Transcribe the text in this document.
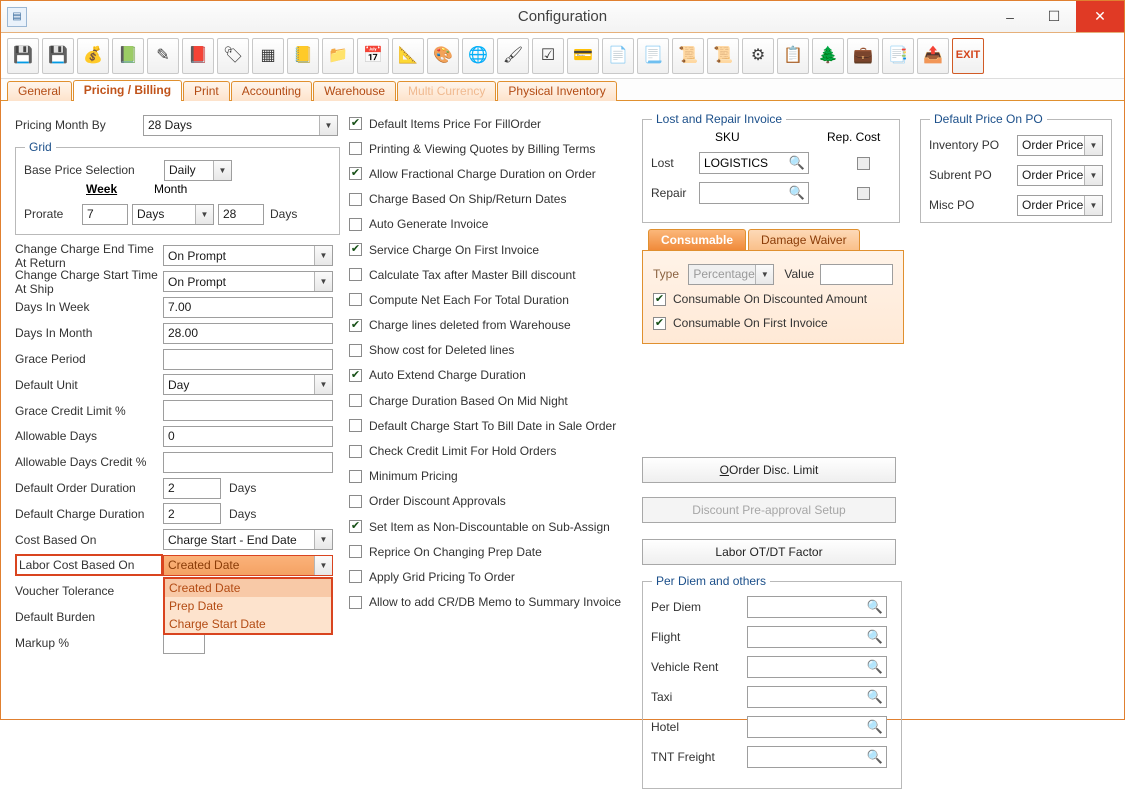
▤	Configuration	–	☐	✕
💾 💾 💰 📗 ✎ 📕 🏷 ▦ 📒 📁 📅 📐 🎨 🌐 🖌 ☑ 💳 📄 📃 📜 📜 ⚙ 📋 🌲 💼 📑 📤 EXIT
General	Pricing / Billing	Print	Accounting	Warehouse	Multi Currency	Physical Inventory
Pricing Month By	28 Days	▼
Grid
Base Price Selection	Daily	▼
Week	Month
Prorate	7	Days	▼	28	Days
Change Charge End Time At Return
On Prompt	▼
Change Charge Start Time At Ship
On Prompt	▼
Days In Week	7.00
Days In Month	28.00
Grace Period
Default Unit	Day	▼
Grace Credit Limit %
Allowable Days	0
Allowable Days Credit %
Default Order Duration	2	Days
Default Charge Duration	2	Days
Cost Based On	Charge Start - End Date	▼
Labor Cost Based On	Created Date	▼
Created Date
Prep Date
Charge Start Date
Voucher Tolerance
Default Burden
Markup %
✔
Default Items Price For FillOrder
Printing & Viewing Quotes by Billing Terms
✔
Allow Fractional Charge Duration on Order
Charge Based On Ship/Return Dates
Auto Generate Invoice
✔
Service Charge On First Invoice
Calculate Tax after Master Bill discount
Compute Net Each For Total Duration
✔
Charge lines deleted from Warehouse
Show cost for Deleted lines
✔
Auto Extend Charge Duration
Charge Duration Based On Mid Night
Default Charge Start To Bill Date in Sale Order
Check Credit Limit For Hold Orders
Minimum Pricing
Order Discount Approvals
✔
Set Item as Non-Discountable on Sub-Assign
Reprice On Changing Prep Date
Apply Grid Pricing To Order
Allow to add CR/DB Memo to Summary Invoice
Lost and Repair Invoice
SKU	Rep. Cost
Lost	LOGISTICS 🔍
Repair	🔍
Default Price On PO
Inventory PO	Order Price ▼
Subrent PO	Order Price ▼
Misc PO	Order Price ▼
Consumable	Damage Waiver
Type	Percentage ▼	Value
✔
Consumable On Discounted Amount
✔
Consumable On First Invoice
OOrder Disc. Limit
Discount Pre-approval Setup
Labor OT/DT Factor
Per Diem and others
Per Diem	🔍
Flight	🔍
Vehicle Rent	🔍
Taxi	🔍
Hotel	🔍
TNT Freight	🔍
